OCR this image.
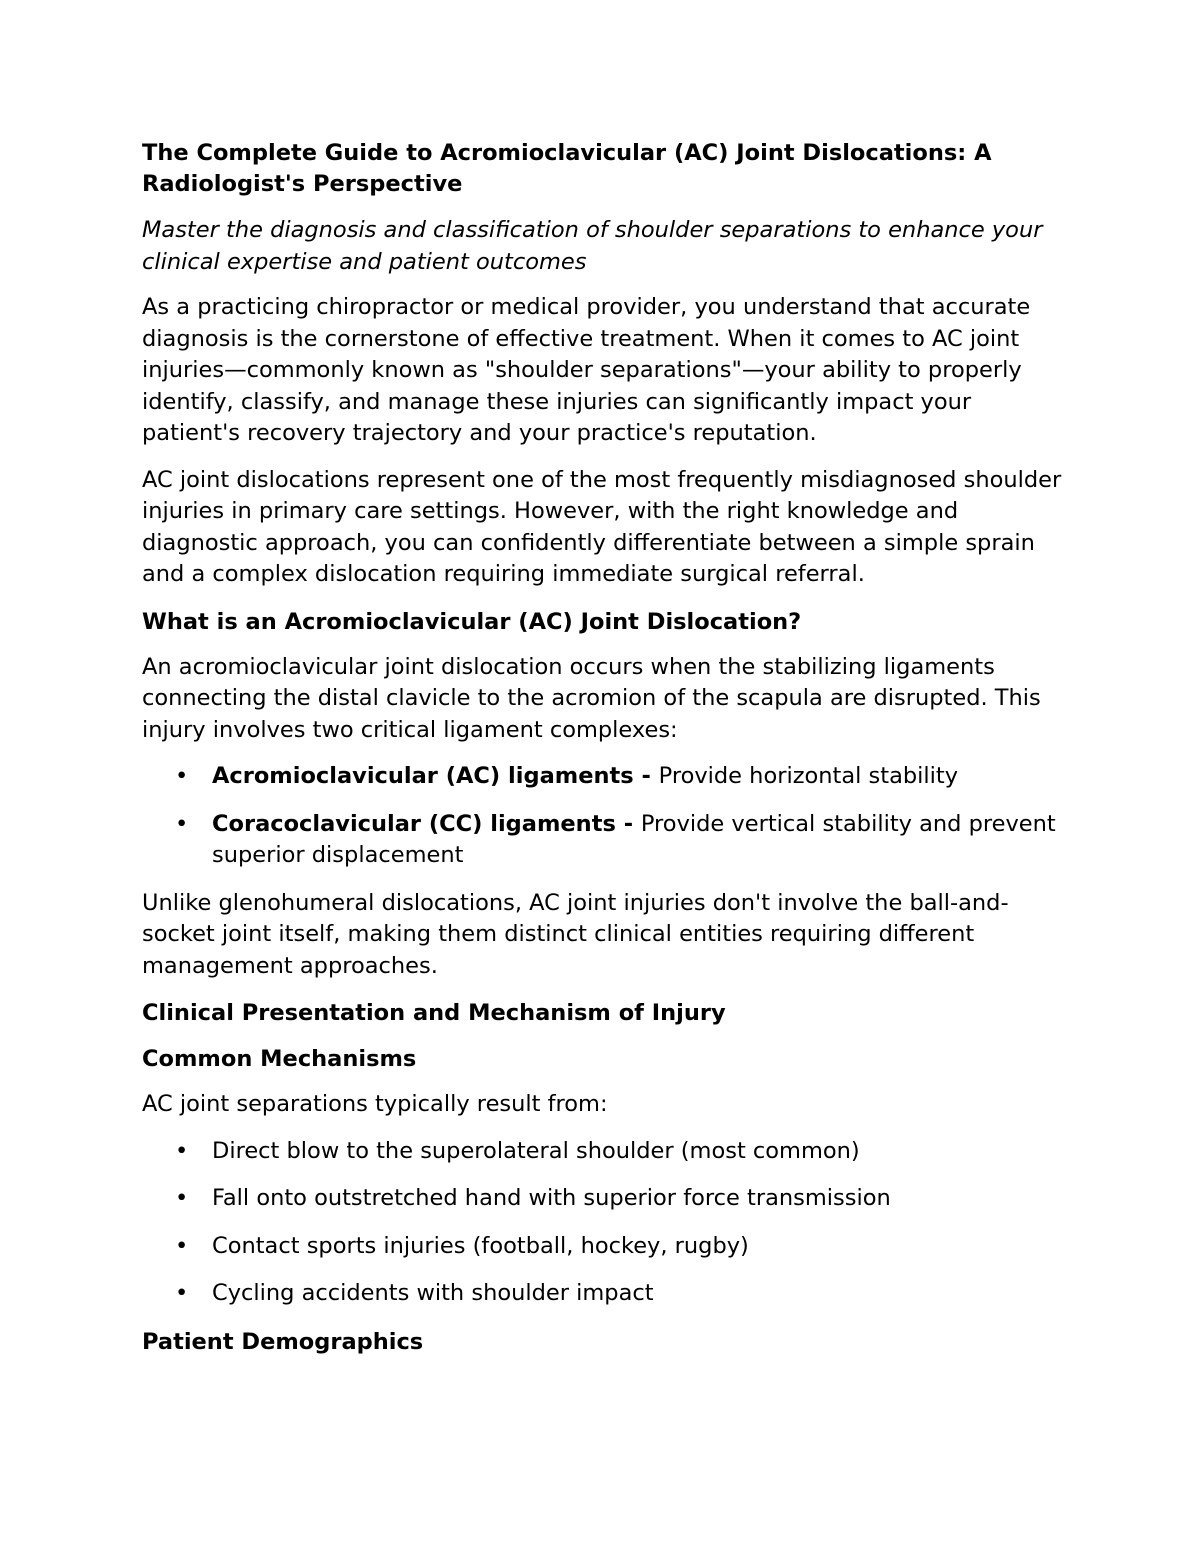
The Complete Guide to Acromioclavicular (AC) Joint Dislocations: A Radiologist's Perspective
Master the diagnosis and classification of shoulder separations to enhance your clinical expertise and patient outcomes

As a practicing chiropractor or medical provider, you understand that accurate diagnosis is the cornerstone of effective treatment. When it comes to AC joint injuries—commonly known as "shoulder separations"—your ability to properly identify, classify, and manage these injuries can significantly impact your patient's recovery trajectory and your practice's reputation.

AC joint dislocations represent one of the most frequently misdiagnosed shoulder injuries in primary care settings. However, with the right knowledge and diagnostic approach, you can confidently differentiate between a simple sprain and a complex dislocation requiring immediate surgical referral.

What is an Acromioclavicular (AC) Joint Dislocation?

An acromioclavicular joint dislocation occurs when the stabilizing ligaments connecting the distal clavicle to the acromion of the scapula are disrupted. This injury involves two critical ligament complexes:

• Acromioclavicular (AC) ligaments - Provide horizontal stability
• Coracoclavicular (CC) ligaments - Provide vertical stability and prevent superior displacement

Unlike glenohumeral dislocations, AC joint injuries don't involve the ball-and-socket joint itself, making them distinct clinical entities requiring different management approaches.

Clinical Presentation and Mechanism of Injury
Common Mechanisms

AC joint separations typically result from:

• Direct blow to the superolateral shoulder (most common)
• Fall onto outstretched hand with superior force transmission
• Contact sports injuries (football, hockey, rugby)
• Cycling accidents with shoulder impact
Patient Demographics
